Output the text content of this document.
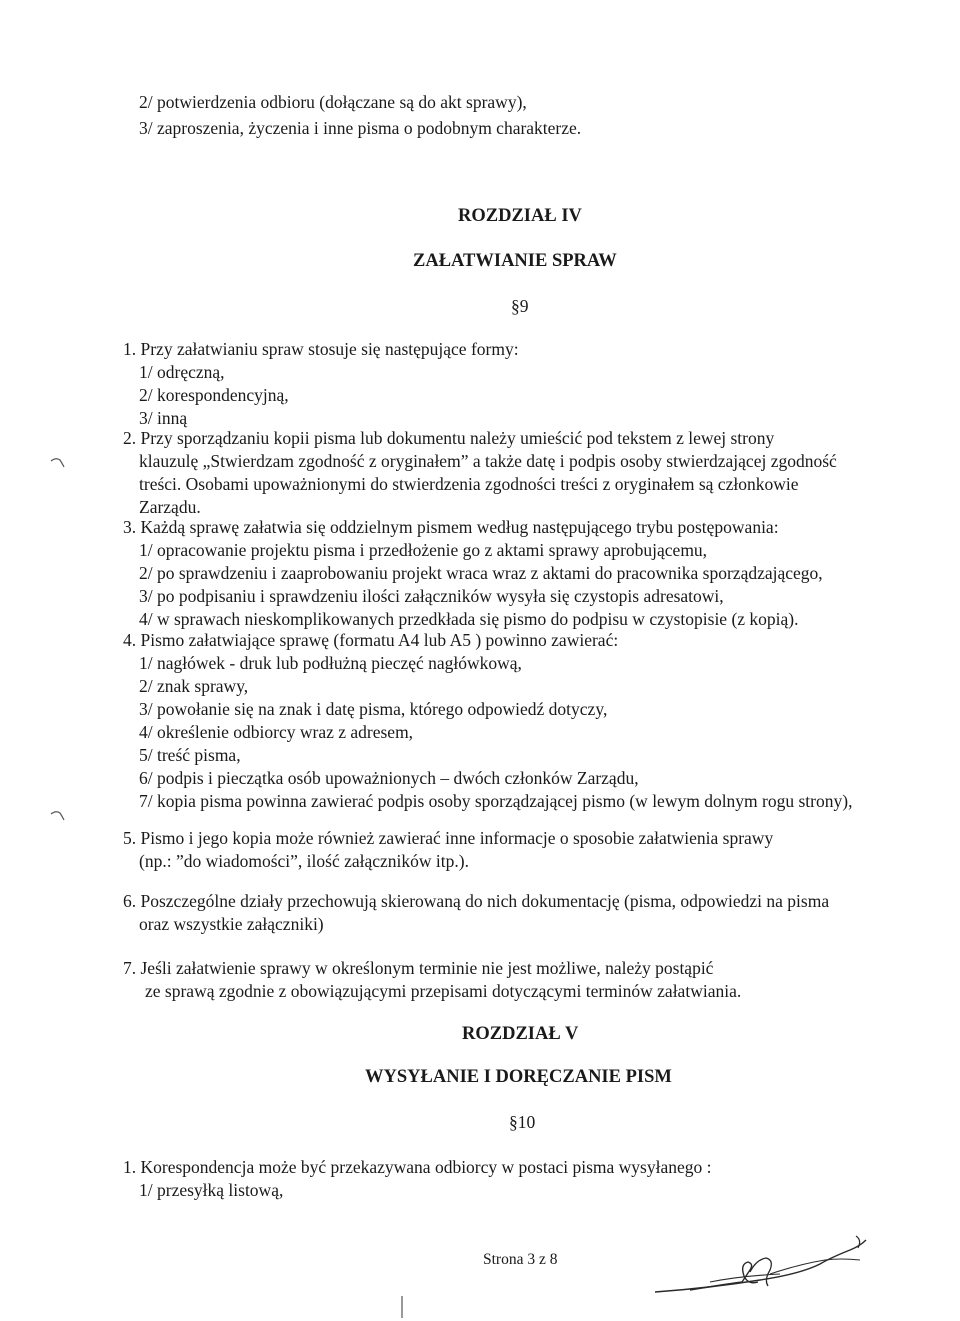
2/ potwierdzenia odbioru (dołączane są do akt sprawy),
3/ zaproszenia, życzenia i inne pisma o podobnym charakterze.
ROZDZIAŁ IV
ZAŁATWIANIE SPRAW
§9
1. Przy załatwianiu spraw stosuje się następujące formy:
1/ odręczną,
2/ korespondencyjną,
3/ inną
2. Przy sporządzaniu kopii pisma lub dokumentu należy umieścić pod tekstem z lewej strony
klauzulę „Stwierdzam zgodność z oryginałem” a także datę i podpis osoby stwierdzającej zgodność
treści. Osobami upoważnionymi do stwierdzenia zgodności treści z oryginałem są członkowie
Zarządu.
3. Każdą sprawę załatwia się oddzielnym pismem według następującego trybu postępowania:
1/ opracowanie projektu pisma i przedłożenie go z aktami sprawy aprobującemu,
2/ po sprawdzeniu i zaaprobowaniu projekt wraca wraz z aktami do pracownika sporządzającego,
3/ po podpisaniu i sprawdzeniu ilości załączników wysyła się czystopis adresatowi,
4/ w sprawach nieskomplikowanych przedkłada się pismo do podpisu w czystopisie (z kopią).
4. Pismo załatwiające sprawę (formatu A4 lub A5 ) powinno zawierać:
1/ nagłówek - druk lub podłużną pieczęć nagłówkową,
2/ znak sprawy,
3/ powołanie się na znak i datę pisma, którego odpowiedź dotyczy,
4/ określenie odbiorcy wraz z adresem,
5/ treść pisma,
6/ podpis i pieczątka osób upoważnionych – dwóch członków Zarządu,
7/ kopia pisma powinna zawierać podpis osoby sporządzającej pismo (w lewym dolnym rogu strony),
5. Pismo i jego kopia może również zawierać inne informacje o sposobie załatwienia sprawy
(np.: ”do wiadomości”, ilość załączników itp.).
6. Poszczególne działy przechowują skierowaną do nich dokumentację (pisma, odpowiedzi na pisma
oraz wszystkie załączniki)
7. Jeśli załatwienie sprawy w określonym terminie nie jest możliwe, należy postąpić
ze sprawą zgodnie z obowiązującymi przepisami dotyczącymi terminów załatwiania.
ROZDZIAŁ V
WYSYŁANIE I DORĘCZANIE PISM
§10
1. Korespondencja może być przekazywana odbiorcy w postaci pisma wysyłanego :
1/ przesyłką listową,
Strona 3 z 8
